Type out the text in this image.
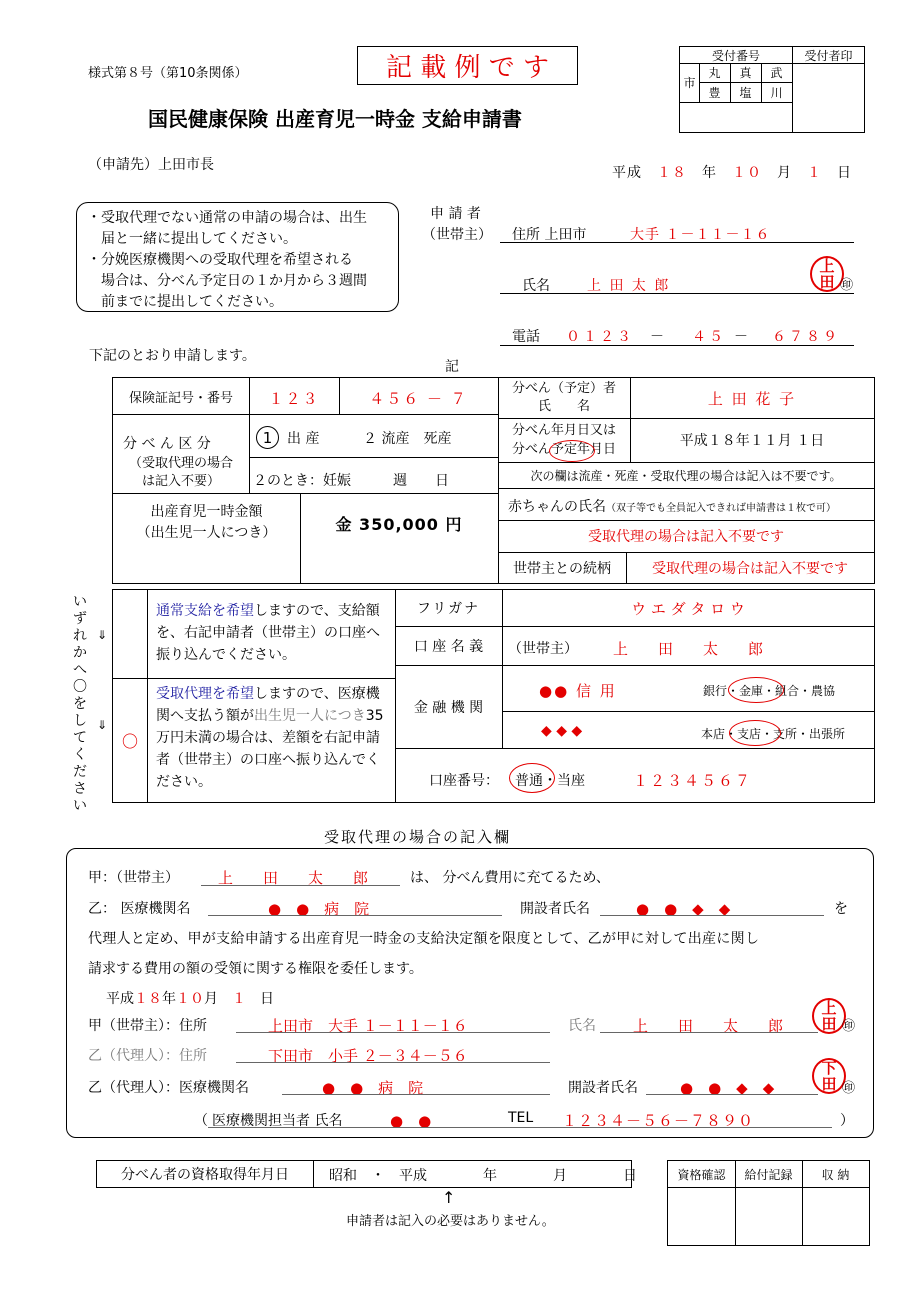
様式第８号（第10条関係）	記 載 例 で す
国民健康保険 出産育児一時金 支給申請書
（申請先）上田市長
受付番号	受付者印
市
丸	真	武
豊	塩	川
平成　 １８　 年　 １０　 月　 １　 日
・受取代理でない通常の申請の場合は、出生
　届と一緒に提出してください。
・分娩医療機関への受取代理を希望される
　場合は、分べん予定日の１か月から３週間
　前までに提出してください。
申 請 者
（世帯主） 住所 上田市	大手 １－１１－１６
氏名	上 田 太 郎
上
田 ㊞
電話 ０１２３ － ４５ － ６７８９
下記のとおり申請します。
記
保険証記号・番号	１２３	４５６ － ７
分べん（予定）者
氏　　名	上 田 花 子
分 べ ん 区 分
（受取代理の場合
は記入不要）
1	出 産	２ 流産　死産
２のとき：妊娠　　　週　　日
分べん年月日又は
分べん予定年月日
平成１８年１１月 １日
次の欄は流産・死産・受取代理の場合は記入は不要です。
赤ちゃんの氏名（双子等でも全員記入できれば申請書は１枚で可）
受取代理の場合は記入不要です
出産育児一時金額
（出生児一人につき）	金 350,000 円
世帯主との続柄	受取代理の場合は記入不要です
いずれかへ〇をしてください
⇓
⇓
通常支給を希望しますので、支給額を、右記申請者（世帯主）の口座へ振り込んでください。
〇
受取代理を希望しますので、医療機関へ支払う額が出生児一人につき35 万円未満の場合は、差額を右記申請者（世帯主）の口座へ振り込んでください。
フリガナ	ウ エ ダ タ ロ ウ
口 座 名 義	（世帯主） 上　　田　　太　　郎
金 融 機 関
●● 信 用	銀行・金庫・組合・農協
◆ ◆ ◆	本店・支店・支所・出張所
口座番号： 普通・当座	１２３４５６７
受取代理の場合の記入欄
甲：（世帯主）	上　　田　　太　　郎	は、 分べん費用に充てるため、
乙： 医療機関名	●　●　病　院	開設者氏名	●　●　◆　◆	を
代理人と定め、甲が支給申請する出産育児一時金の支給決定額を限度として、乙が甲に対して出産に関し
請求する費用の額の受領に関する権限を委任します。
平成１８年１０月　 １　 日
甲（世帯主）：住所	上田市　大手 １－１１－１６	氏名 上　　田　　太　　郎
上
田 ㊞
乙（代理人）：住所	下田市　小手 ２－３４－５６
乙（代理人）：医療機関名	●　●　病　院	開設者氏名	●　●　◆　◆
下
田 ㊞
（ 医療機関担当者 氏名	●　●	TEL １２３４－５６－７８９０	）
分べん者の資格取得年月日	昭和　・　平成　　　　年　　　　月　　　　日
↑
申請者は記入の必要はありません。
資格確認	給付記録	収 納
